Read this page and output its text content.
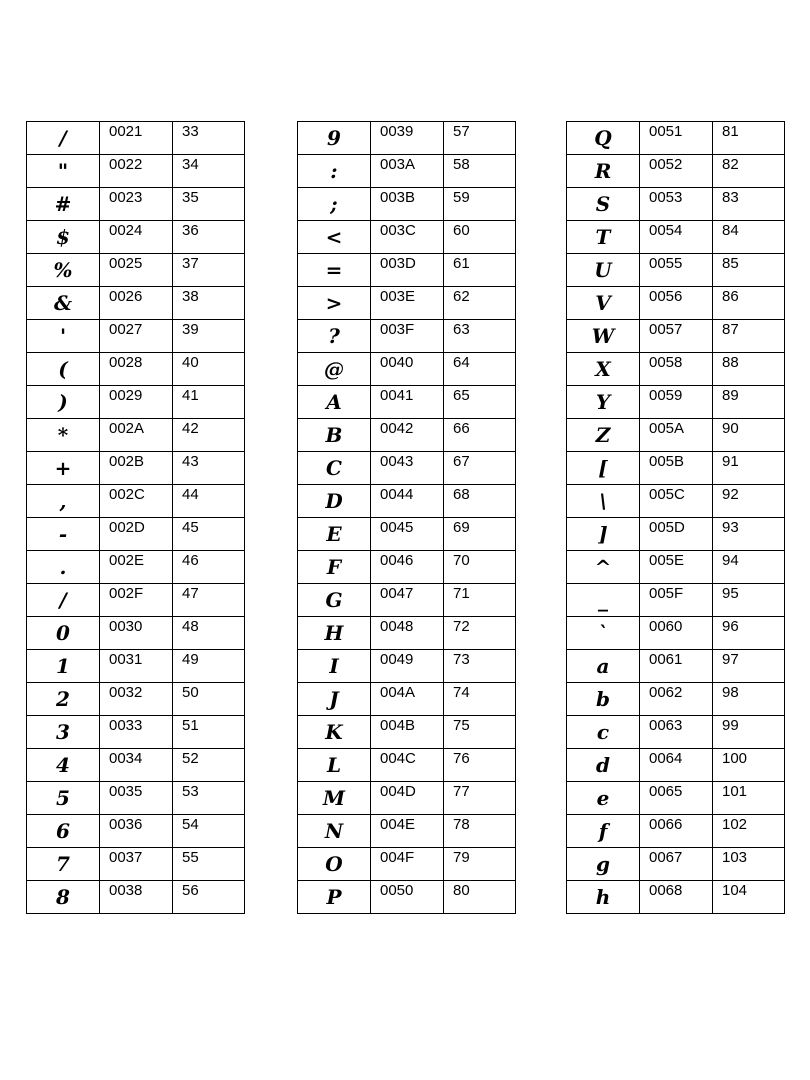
/	0021	33
"	0022	34
#	0023	35
$	0024	36
%	0025	37
&	0026	38
'	0027	39
(	0028	40
)	0029	41
*	002A	42
+	002B	43
,	002C	44
-	002D	45
.	002E	46
/	002F	47
0	0030	48
1	0031	49
2	0032	50
3	0033	51
4	0034	52
5	0035	53
6	0036	54
7	0037	55
8	0038	56
9	0039	57
:	003A	58
;	003B	59
<	003C	60
=	003D	61
>	003E	62
?	003F	63
@	0040	64
A	0041	65
B	0042	66
C	0043	67
D	0044	68
E	0045	69
F	0046	70
G	0047	71
H	0048	72
I	0049	73
J	004A	74
K	004B	75
L	004C	76
M	004D	77
N	004E	78
O	004F	79
P	0050	80
Q	0051	81
R	0052	82
S	0053	83
T	0054	84
U	0055	85
V	0056	86
W	0057	87
X	0058	88
Y	0059	89
Z	005A	90
[	005B	91
\	005C	92
]	005D	93
^	005E	94
_	005F	95
`	0060	96
a	0061	97
b	0062	98
c	0063	99
d	0064	100
e	0065	101
f	0066	102
g	0067	103
h	0068	104
